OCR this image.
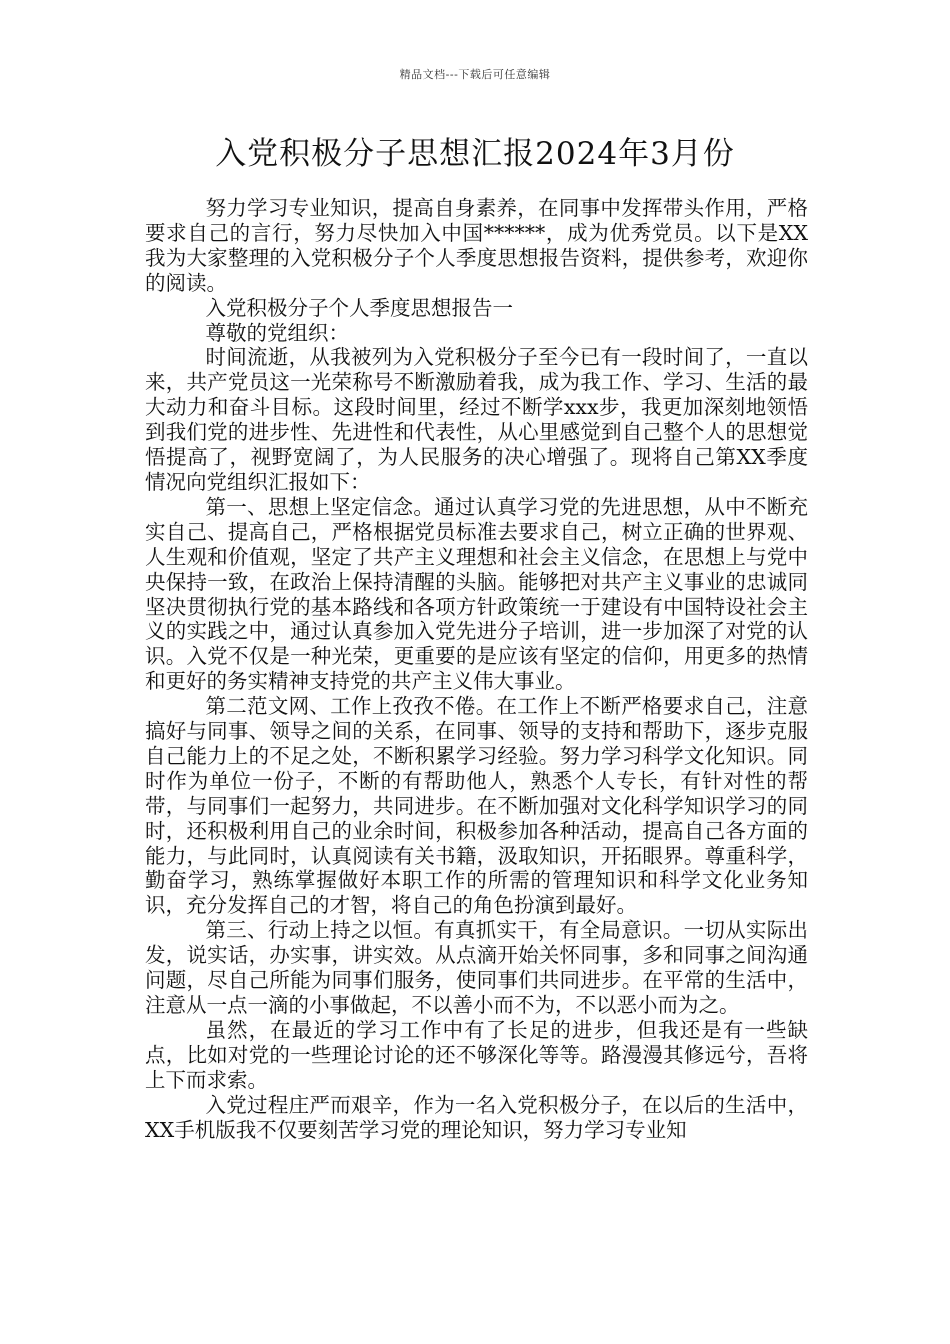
精品文档---下载后可任意编辑
入党积极分子思想汇报2024年3月份

努力学习专业知识，提高自身素养，在同事中发挥带头作用，严格要求自己的言行，努力尽快加入中国******，成为优秀党员。以下是XX我为大家整理的入党积极分子个人季度思想报告资料，提供参考，欢迎你的阅读。

入党积极分子个人季度思想报告一

尊敬的党组织：

时间流逝，从我被列为入党积极分子至今已有一段时间了，一直以来，共产党员这一光荣称号不断激励着我，成为我工作、学习、生活的最大动力和奋斗目标。这段时间里，经过不断学xxx步，我更加深刻地领悟到我们党的进步性、先进性和代表性，从心里感觉到自己整个人的思想觉悟提高了，视野宽阔了，为人民服务的决心增强了。现将自己第XX季度情况向党组织汇报如下：

第一、思想上坚定信念。通过认真学习党的先进思想，从中不断充实自己、提高自己，严格根据党员标准去要求自己，树立正确的世界观、人生观和价值观，坚定了共产主义理想和社会主义信念，在思想上与党中央保持一致，在政治上保持清醒的头脑。能够把对共产主义事业的忠诚同坚决贯彻执行党的基本路线和各项方针政策统一于建设有中国特设社会主义的实践之中，通过认真参加入党先进分子培训，进一步加深了对党的认识。入党不仅是一种光荣，更重要的是应该有坚定的信仰，用更多的热情和更好的务实精神支持党的共产主义伟大事业。

第二范文网、工作上孜孜不倦。在工作上不断严格要求自己，注意搞好与同事、领导之间的关系，在同事、领导的支持和帮助下，逐步克服自己能力上的不足之处，不断积累学习经验。努力学习科学文化知识。同时作为单位一份子，不断的有帮助他人，熟悉个人专长，有针对性的帮带，与同事们一起努力，共同进步。在不断加强对文化科学知识学习的同时，还积极利用自己的业余时间，积极参加各种活动，提高自己各方面的能力，与此同时，认真阅读有关书籍，汲取知识，开拓眼界。尊重科学，勤奋学习，熟练掌握做好本职工作的所需的管理知识和科学文化业务知识，充分发挥自己的才智，将自己的角色扮演到最好。

第三、行动上持之以恒。有真抓实干，有全局意识。一切从实际出发，说实话，办实事，讲实效。从点滴开始关怀同事，多和同事之间沟通问题，尽自己所能为同事们服务，使同事们共同进步。在平常的生活中，注意从一点一滴的小事做起，不以善小而不为，不以恶小而为之。

虽然，在最近的学习工作中有了长足的进步，但我还是有一些缺点，比如对党的一些理论讨论的还不够深化等等。路漫漫其修远兮，吾将上下而求索。

入党过程庄严而艰辛，作为一名入党积极分子，在以后的生活中，XX手机版我不仅要刻苦学习党的理论知识，努力学习专业知
